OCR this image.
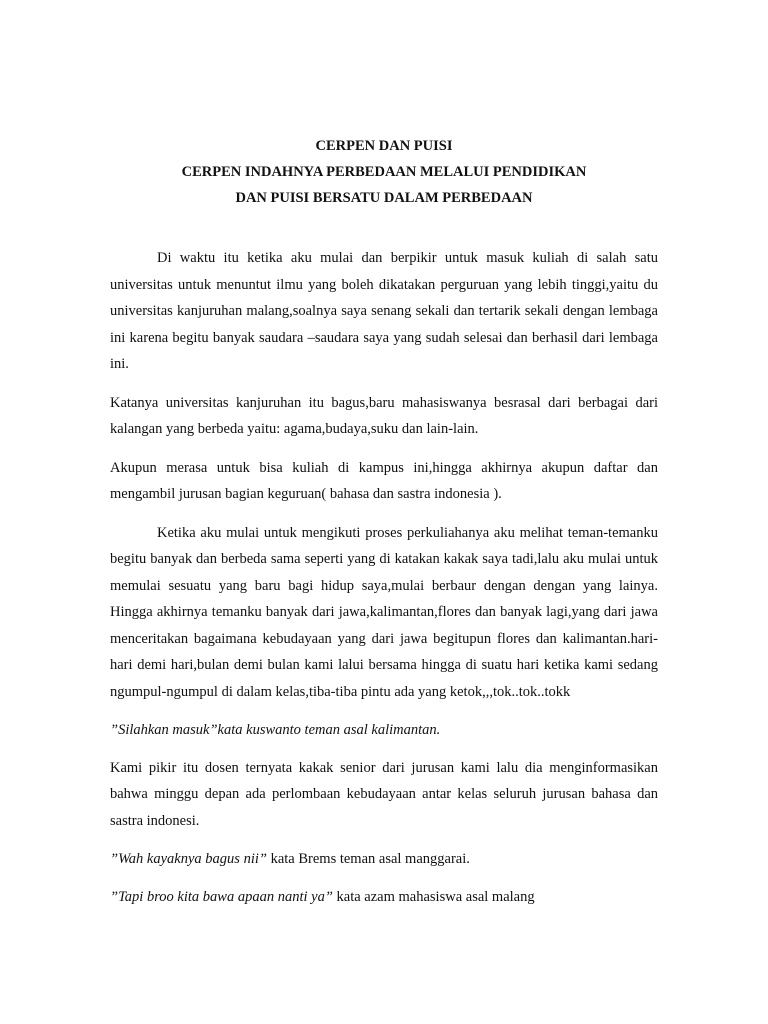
CERPEN DAN PUISI
CERPEN INDAHNYA PERBEDAAN MELALUI PENDIDIKAN
DAN PUISI BERSATU DALAM PERBEDAAN

Di waktu itu ketika aku mulai dan berpikir untuk masuk kuliah di salah satu universitas untuk menuntut ilmu yang boleh dikatakan perguruan yang lebih tinggi,yaitu du universitas kanjuruhan malang,soalnya saya senang sekali dan tertarik sekali dengan lembaga ini karena begitu banyak saudara –saudara saya yang sudah selesai dan berhasil dari lembaga ini.

Katanya universitas kanjuruhan itu bagus,baru mahasiswanya besrasal dari berbagai dari kalangan yang berbeda yaitu: agama,budaya,suku dan lain-lain.

Akupun merasa untuk bisa kuliah di kampus ini,hingga akhirnya akupun daftar dan mengambil jurusan bagian keguruan( bahasa dan sastra indonesia ).

Ketika aku mulai untuk mengikuti proses perkuliahanya aku melihat teman-temanku begitu banyak dan berbeda sama seperti yang di katakan kakak saya tadi,lalu aku mulai untuk memulai sesuatu yang baru bagi hidup saya,mulai berbaur dengan dengan yang lainya. Hingga akhirnya temanku banyak dari jawa,kalimantan,flores dan banyak lagi,yang dari jawa menceritakan bagaimana kebudayaan yang dari jawa begitupun flores dan kalimantan.hari-hari demi hari,bulan demi bulan kami lalui bersama hingga di suatu hari ketika kami sedang ngumpul-ngumpul di dalam kelas,tiba-tiba pintu ada yang ketok,,,tok..tok..tokk

”Silahkan masuk”kata kuswanto teman asal kalimantan.

Kami pikir itu dosen ternyata kakak senior dari jurusan kami lalu dia menginformasikan bahwa minggu depan ada perlombaan kebudayaan antar kelas seluruh jurusan bahasa dan sastra indonesi.

”Wah kayaknya bagus nii” kata Brems teman asal manggarai.

”Tapi broo kita bawa apaan nanti ya” kata azam mahasiswa asal malang
